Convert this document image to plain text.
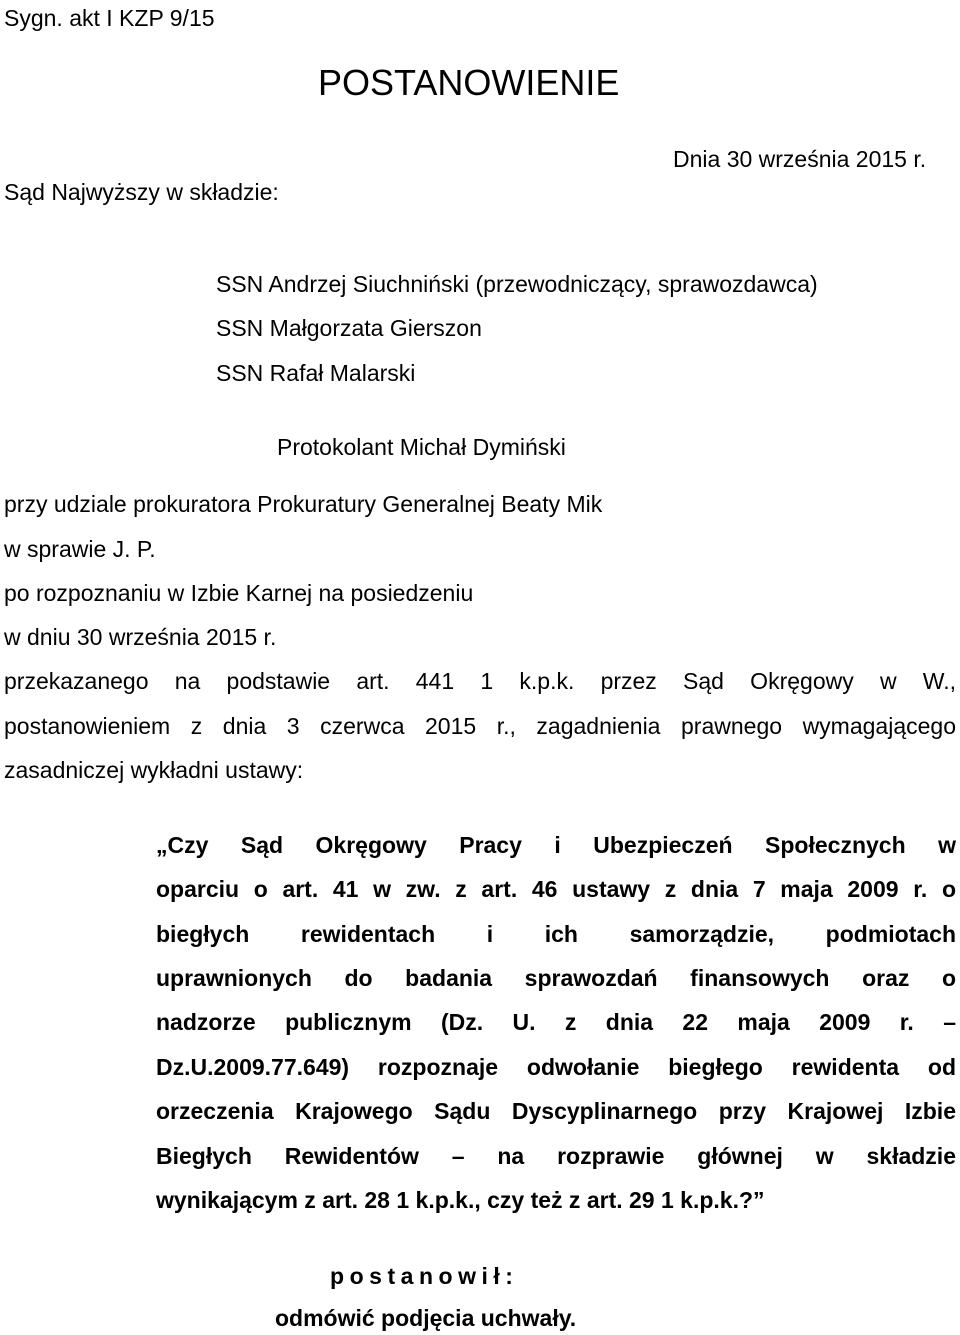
Sygn. akt I KZP 9/15
POSTANOWIENIE
Dnia 30 września 2015 r.
Sąd Najwyższy w składzie:
SSN Andrzej Siuchniński (przewodniczący, sprawozdawca)
SSN Małgorzata Gierszon
SSN Rafał Malarski
Protokolant Michał Dymiński
przy udziale prokuratora Prokuratury Generalnej Beaty Mik
w sprawie J. P.
po rozpoznaniu w Izbie Karnej na posiedzeniu
w dniu 30 września 2015 r.
przekazanego na podstawie art. 441 1 k.p.k. przez Sąd Okręgowy w W.,
postanowieniem z dnia 3 czerwca 2015 r., zagadnienia prawnego wymagającego
zasadniczej wykładni ustawy:
„Czy Sąd Okręgowy Pracy i Ubezpieczeń Społecznych w
oparciu o art. 41 w zw. z art. 46 ustawy z dnia 7 maja 2009 r. o
biegłych rewidentach i ich samorządzie, podmiotach
uprawnionych do badania sprawozdań finansowych oraz o
nadzorze publicznym (Dz. U. z dnia 22 maja 2009 r. –
Dz.U.2009.77.649) rozpoznaje odwołanie biegłego rewidenta od
orzeczenia Krajowego Sądu Dyscyplinarnego przy Krajowej Izbie
Biegłych Rewidentów – na rozprawie głównej w składzie
wynikającym z art. 28 1 k.p.k., czy też z art. 29 1 k.p.k.?”
postanowił:
odmówić podjęcia uchwały.
